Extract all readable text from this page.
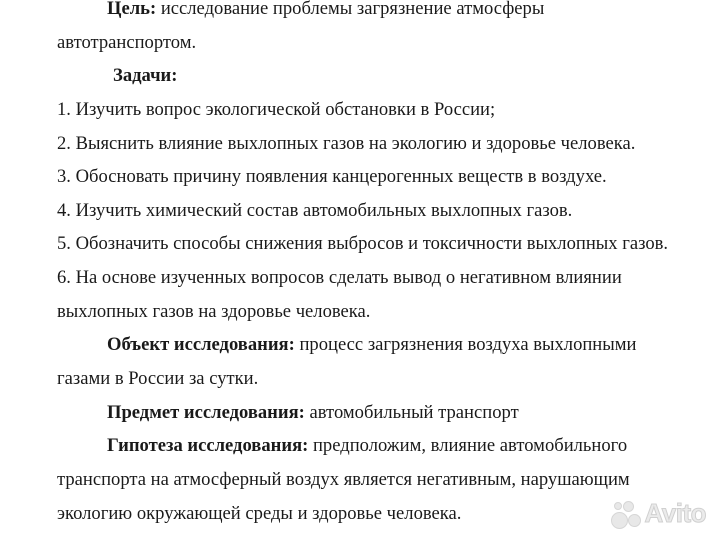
Цель: исследование проблемы загрязнение атмосферы
автотранспортом.
Задачи:
1. Изучить вопрос экологической обстановки в России;
2. Выяснить влияние выхлопных газов на экологию и здоровье человека.
3. Обосновать причину появления канцерогенных веществ в воздухе.
4. Изучить химический состав автомобильных выхлопных газов.
5. Обозначить способы снижения выбросов и токсичности выхлопных газов.
6. На основе изученных вопросов сделать вывод о негативном влиянии
выхлопных газов на здоровье человека.
Объект исследования: процесс загрязнения воздуха выхлопными
газами в России за сутки.
Предмет исследования: автомобильный транспорт
Гипотеза исследования: предположим, влияние автомобильного
транспорта на атмосферный воздух является негативным, нарушающим
экологию окружающей среды и здоровье человека.	Avito
